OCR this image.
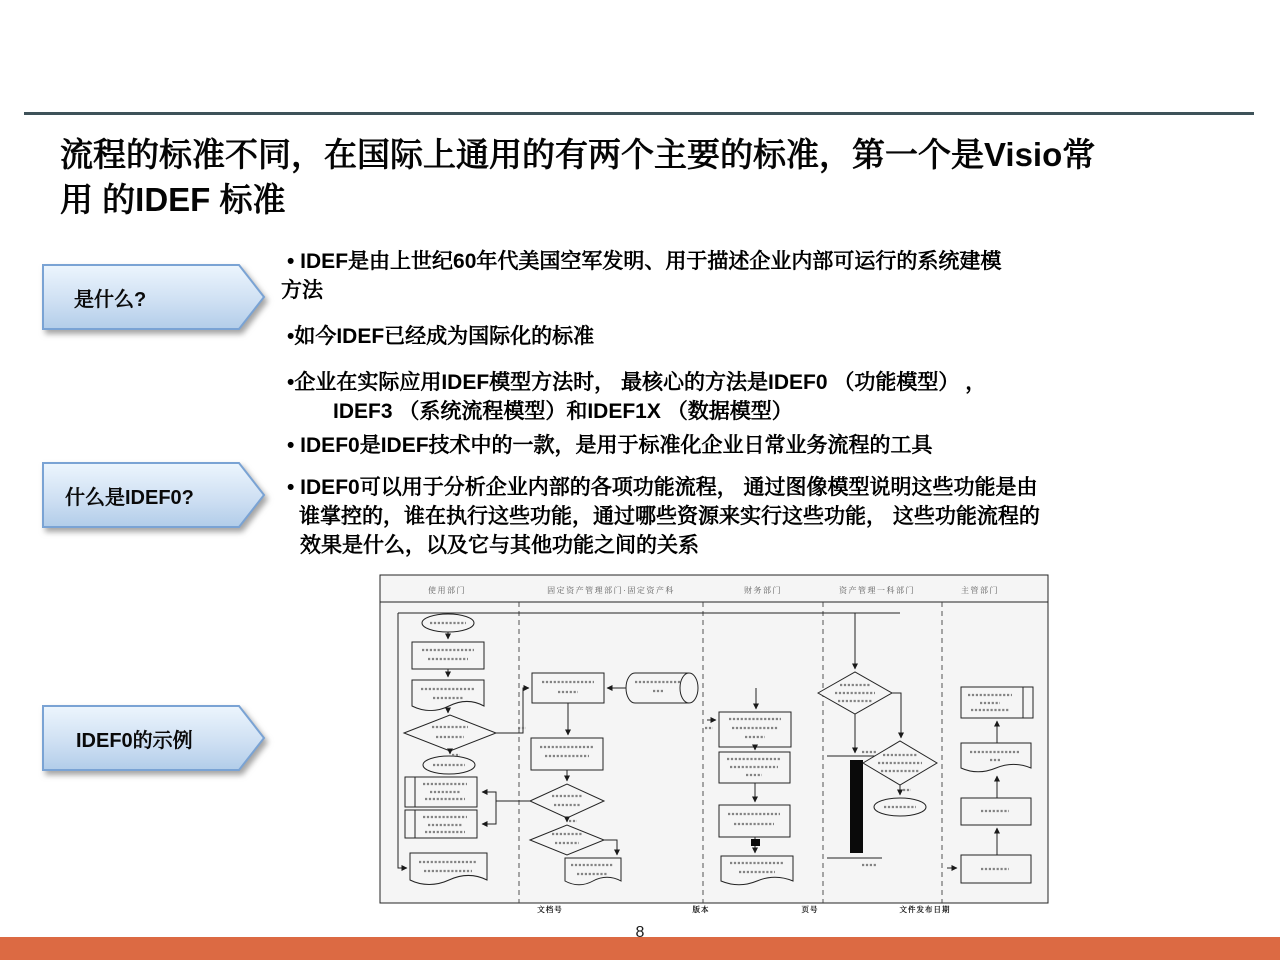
流程的标准不同，在国际上通用的有两个主要的标准，第一个是Visio常
用 的IDEF 标准
是什么?
什么是IDEF0?
IDEF0的示例
• IDEF是由上世纪60年代美国空军发明、用于描述企业内部可运行的系统建模
方法
•如今IDEF已经成为国际化的标准
•企业在实际应用IDEF模型方法时， 最核心的方法是IDEF0 （功能模型） ，
IDEF3 （系统流程模型）和IDEF1X （数据模型）
• IDEF0是IDEF技术中的一款，是用于标准化企业日常业务流程的工具
• IDEF0可以用于分析企业内部的各项功能流程， 通过图像模型说明这些功能是由
谁掌控的，谁在执行这些功能，通过哪些资源来实行这些功能， 这些功能流程的
效果是什么，以及它与其他功能之间的关系
使用部门	固定资产管理部门·固定资产科	财务部门	资产管理一科部门	主管部门
文档号	版本	页号	文件发布日期
8
